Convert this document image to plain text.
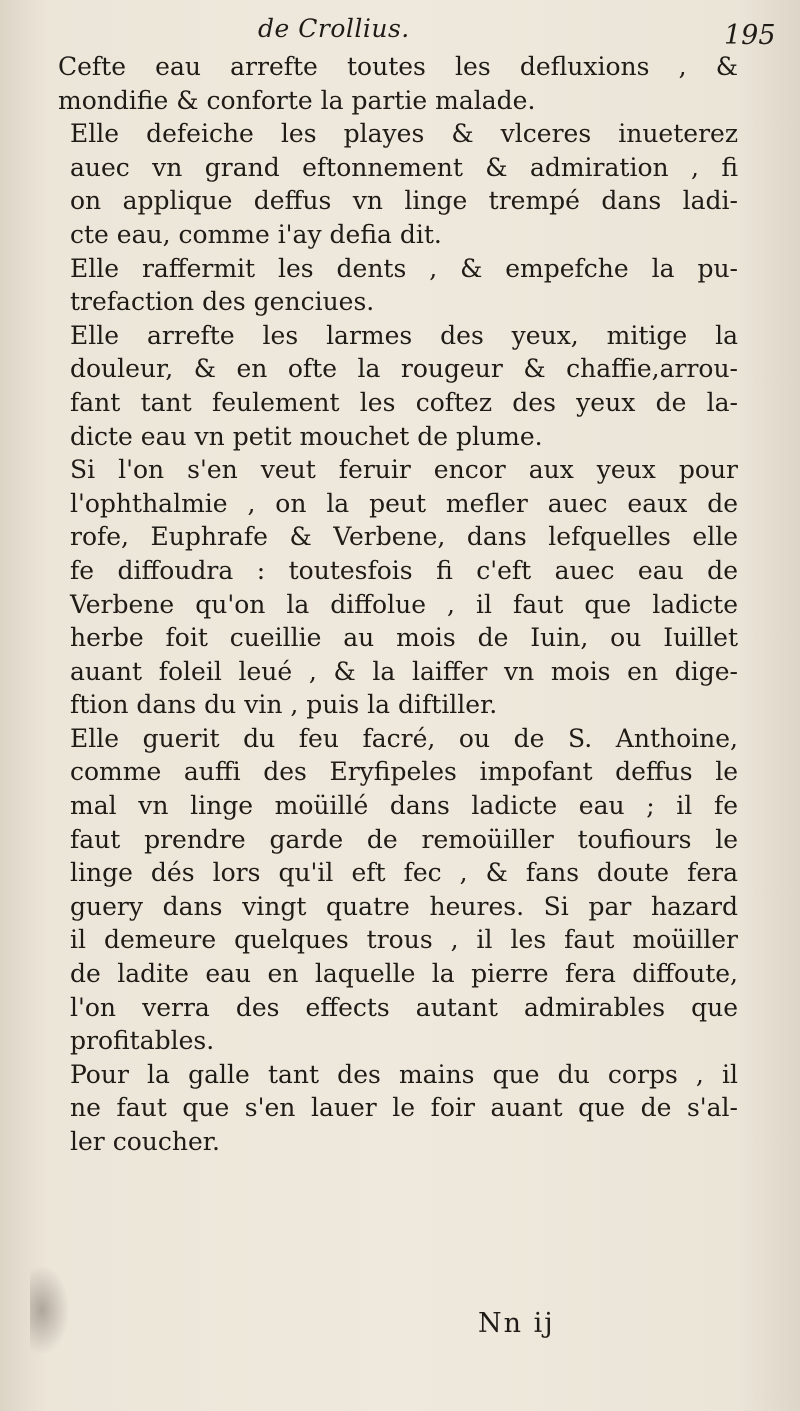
de Crollius.	195

Cefte eau arrefte toutes les defluxions , &
mondifie & conforte la partie malade.

Elle defeiche les playes & vlceres inueterez
auec vn grand eftonnement & admiration , fi
on applique deffus vn linge trempé dans ladi-
cte eau, comme i'ay defia dit.

Elle raffermit les dents , & empefche la pu-
trefaction des genciues.

Elle arrefte les larmes des yeux, mitige la
douleur, & en ofte la rougeur & chaffie,arrou-
fant tant feulement les coftez des yeux de la-
dicte eau vn petit mouchet de plume.

Si l'on s'en veut feruir encor aux yeux pour
l'ophthalmie , on la peut mefler auec eaux de
rofe, Euphrafe & Verbene, dans lefquelles elle
fe diffoudra : toutesfois fi c'eft auec eau de
Verbene qu'on la diffolue , il faut que ladicte
herbe foit cueillie au mois de Iuin, ou Iuillet
auant foleil leué , & la laiffer vn mois en dige-
ftion dans du vin , puis la diftiller.

Elle guerit du feu facré, ou de S. Anthoine,
comme auffi des Eryfipeles impofant deffus le
mal vn linge moüillé dans ladicte eau ; il fe
faut prendre garde de remoüiller toufiours le
linge dés lors qu'il eft fec , & fans doute fera
guery dans vingt quatre heures. Si par hazard
il demeure quelques trous , il les faut moüiller
de ladite eau en laquelle la pierre fera diffoute,
l'on verra des effects autant admirables que
profitables.

Pour la galle tant des mains que du corps , il
ne faut que s'en lauer le foir auant que de s'al-
ler coucher.

Nn ij
